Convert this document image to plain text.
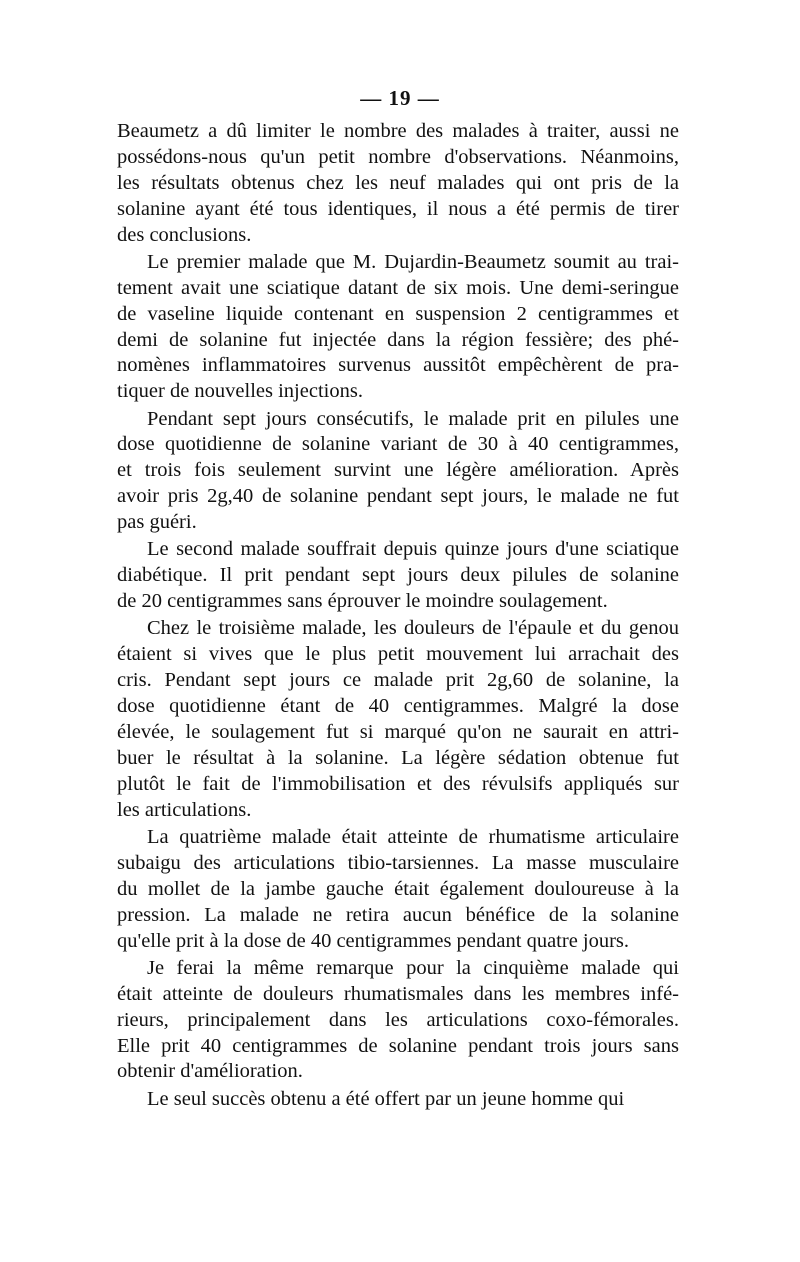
— 19 —
Beaumetz a dû limiter le nombre des malades à traiter, aussi ne
possédons-nous qu'un petit nombre d'observations. Néanmoins,
les résultats obtenus chez les neuf malades qui ont pris de la
solanine ayant été tous identiques, il nous a été permis de tirer
des conclusions.
Le premier malade que M. Dujardin-Beaumetz soumit au trai-
tement avait une sciatique datant de six mois. Une demi-seringue
de vaseline liquide contenant en suspension 2 centigrammes et
demi de solanine fut injectée dans la région fessière; des phé-
nomènes inflammatoires survenus aussitôt empêchèrent de pra-
tiquer de nouvelles injections.
Pendant sept jours consécutifs, le malade prit en pilules une
dose quotidienne de solanine variant de 30 à 40 centigrammes,
et trois fois seulement survint une légère amélioration. Après
avoir pris 2g,40 de solanine pendant sept jours, le malade ne fut
pas guéri.
Le second malade souffrait depuis quinze jours d'une sciatique
diabétique. Il prit pendant sept jours deux pilules de solanine
de 20 centigrammes sans éprouver le moindre soulagement.
Chez le troisième malade, les douleurs de l'épaule et du genou
étaient si vives que le plus petit mouvement lui arrachait des
cris. Pendant sept jours ce malade prit 2g,60 de solanine, la
dose quotidienne étant de 40 centigrammes. Malgré la dose
élevée, le soulagement fut si marqué qu'on ne saurait en attri-
buer le résultat à la solanine. La légère sédation obtenue fut
plutôt le fait de l'immobilisation et des révulsifs appliqués sur
les articulations.
La quatrième malade était atteinte de rhumatisme articulaire
subaigu des articulations tibio-tarsiennes. La masse musculaire
du mollet de la jambe gauche était également douloureuse à la
pression. La malade ne retira aucun bénéfice de la solanine
qu'elle prit à la dose de 40 centigrammes pendant quatre jours.
Je ferai la même remarque pour la cinquième malade qui
était atteinte de douleurs rhumatismales dans les membres infé-
rieurs, principalement dans les articulations coxo-fémorales.
Elle prit 40 centigrammes de solanine pendant trois jours sans
obtenir d'amélioration.
Le seul succès obtenu a été offert par un jeune homme qui
